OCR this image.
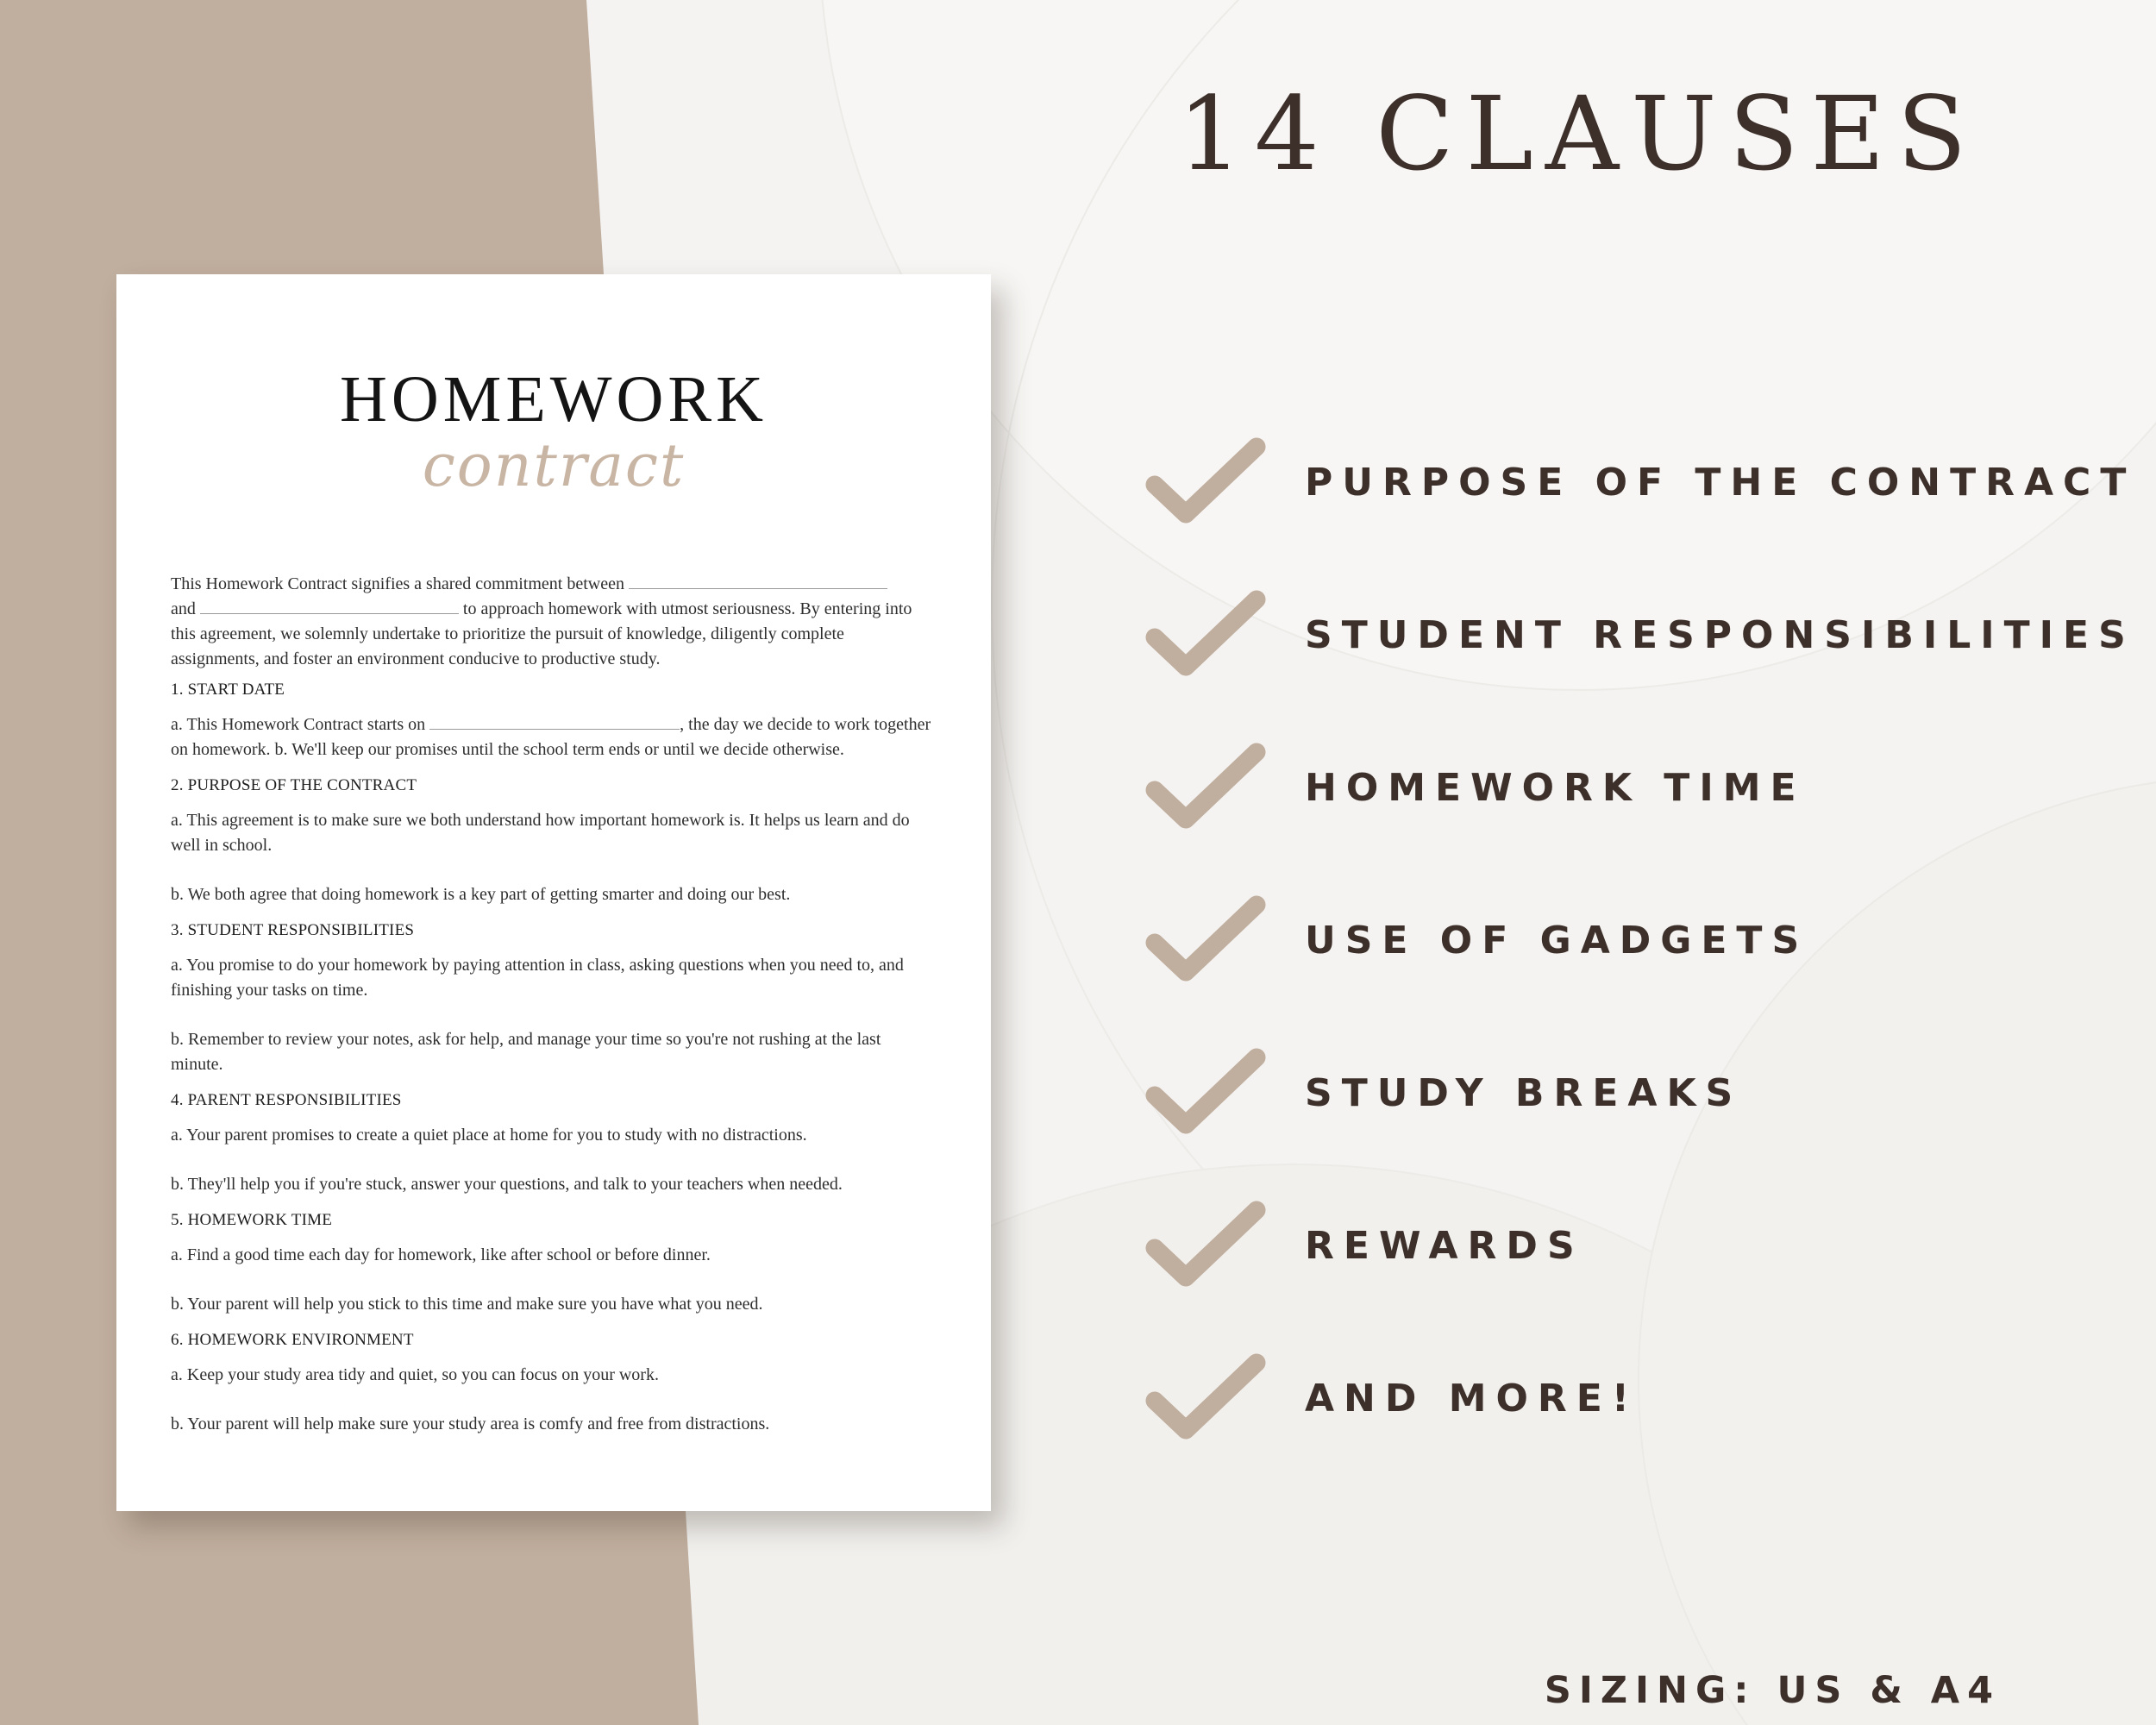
14 CLAUSES
HOMEWORK
contract

This Homework Contract signifies a shared commitment between
and	to approach homework with utmost seriousness. By entering into this agreement, we solemnly undertake to prioritize the pursuit of knowledge, diligently complete assignments, and foster an environment conducive to productive study.

1. START DATE

a. This Homework Contract starts on	, the day we decide to work together on homework. b. We'll keep our promises until the school term ends or until we decide otherwise.

2. PURPOSE OF THE CONTRACT

a. This agreement is to make sure we both understand how important homework is. It helps us learn and do well in school.

b. We both agree that doing homework is a key part of getting smarter and doing our best.

3. STUDENT RESPONSIBILITIES

a. You promise to do your homework by paying attention in class, asking questions when you need to, and finishing your tasks on time.

b. Remember to review your notes, ask for help, and manage your time so you're not rushing at the last minute.

4. PARENT RESPONSIBILITIES

a. Your parent promises to create a quiet place at home for you to study with no distractions.

b. They'll help you if you're stuck, answer your questions, and talk to your teachers when needed.

5. HOMEWORK TIME

a. Find a good time each day for homework, like after school or before dinner.

b. Your parent will help you stick to this time and make sure you have what you need.

6. HOMEWORK ENVIRONMENT

a. Keep your study area tidy and quiet, so you can focus on your work.

b. Your parent will help make sure your study area is comfy and free from distractions.

PURPOSE OF THE CONTRACT
STUDENT RESPONSIBILITIES
HOMEWORK TIME
USE OF GADGETS
STUDY BREAKS
REWARDS
AND MORE!
SIZING: US & A4
